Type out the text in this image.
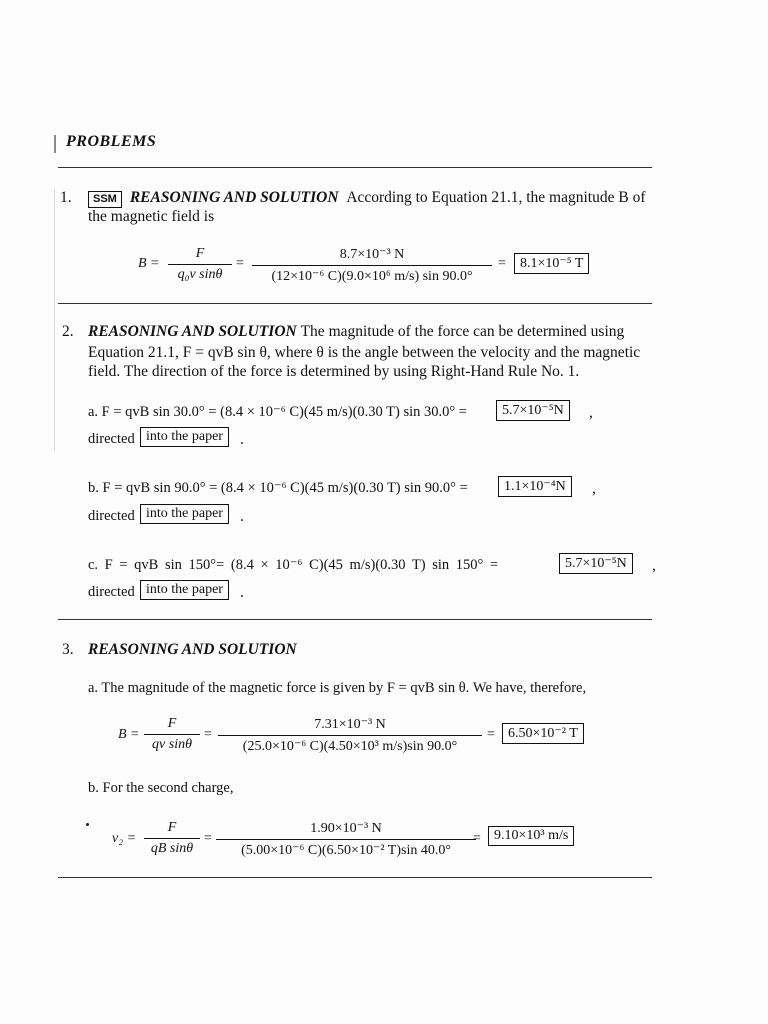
PROBLEMS
1.	SSM REASONING AND SOLUTION According to Equation 21.1, the magnitude B of
the magnetic field is
$B = \frac{F}{\text{q₀v sinθ}} = \frac{\text{8.7×10⁻³ N}}{\text{(12×10⁻⁶ C)(9.0×10⁶ m/s) sin 90.0°}}$ =	8.1×10⁻⁵ T
2. REASONING AND SOLUTION The magnitude of the force can be determined using
Equation 21.1, F = qvB sin θ, where θ is the angle between the velocity and the magnetic
field. The direction of the force is determined by using Right-Hand Rule No. 1.
a. F = qvB sin 30.0° = (8.4 × 10⁻⁶ C)(45 m/s)(0.30 T) sin 30.0° =	5.7×10⁻⁵N	,
directed into the paper	.
b. F = qvB sin 90.0° = (8.4 × 10⁻⁶ C)(45 m/s)(0.30 T) sin 90.0° =	1.1×10⁻⁴N	,
directed into the paper	.
c. F = qvB sin 150°= (8.4 × 10⁻⁶ C)(45 m/s)(0.30 T) sin 150° =	5.7×10⁻⁵N	,
directed into the paper	.
3. REASONING AND SOLUTION
a. The magnitude of the magnetic force is given by F = qvB sin θ. We have, therefore,
$B = \frac{F}{\text{qv sinθ}} = \frac{\text{7.31×10⁻³ N}}{\text{(25.0×10⁻⁶ C)(4.50×10³ m/s)sin 90.0°}} = 6.50\times 10^{-2}$ T
b. For the second charge,
$v_2 = \frac{F}{\text{qB sinθ}} = \frac{\text{1.90×10⁻³ N}}{\text{(5.00×10⁻⁶ C)(6.50×10⁻² T)sin 40.0°}}$
= 9.10×10³ m/s
